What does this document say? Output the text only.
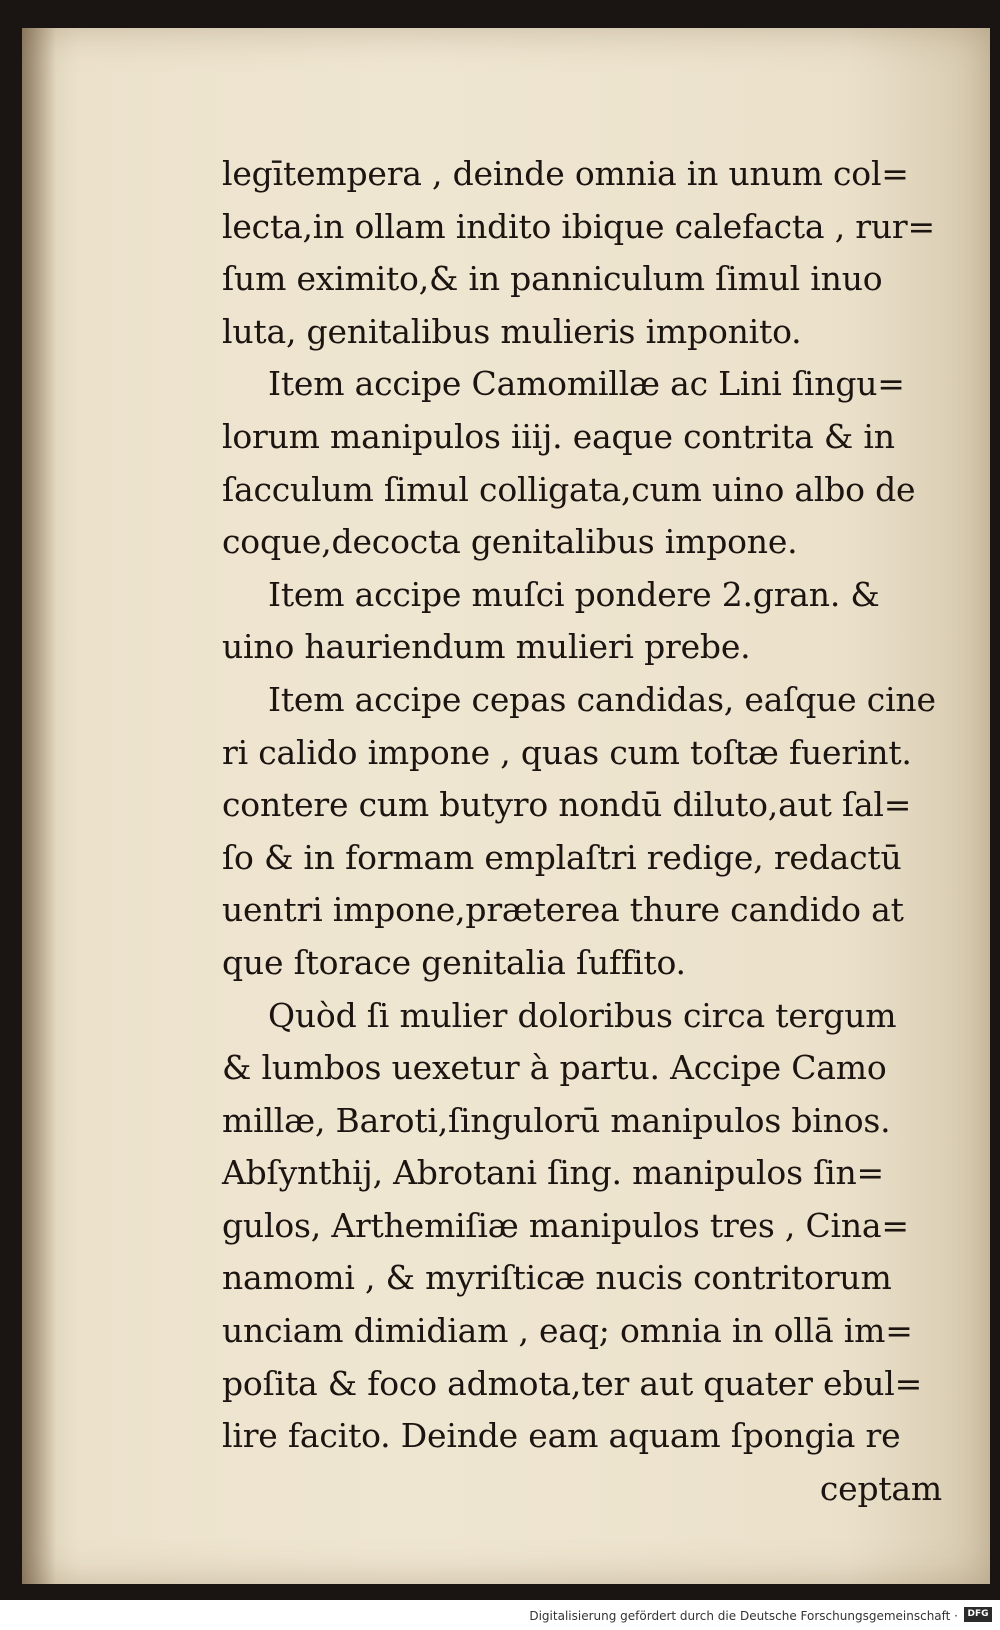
legītempera , deinde omnia in unum col=
lecta,in ollam indito ibique calefacta , rur=
ſum eximito,& in panniculum ſimul inuo
luta, genitalibus mulieris imponito.
Item accipe Camomillæ ac Lini ſingu=
lorum manipulos iiij. eaque contrita & in
ſacculum ſimul colligata,cum uino albo de
coque,decocta genitalibus impone.
Item accipe muſci pondere 2.gran. &
uino hauriendum mulieri prebe.
Item accipe cepas candidas, eaſque cine
ri calido impone , quas cum toſtæ fuerint.
contere cum butyro nondū diluto,aut ſal=
ſo & in formam emplaſtri redige, redactū
uentri impone,præterea thure candido at
que ſtorace genitalia ſuffito.
Quòd ſi mulier doloribus circa tergum
& lumbos uexetur à partu. Accipe Camo
millæ, Baroti,ſingulorū manipulos binos.
Abſynthij, Abrotani ſing. manipulos ſin=
gulos, Arthemiſiæ manipulos tres , Cina=
namomi , & myriſticæ nucis contritorum
unciam dimidiam , eaq; omnia in ollā im=
poſita & foco admota,ter aut quater ebul=
lire facito. Deinde eam aquam ſpongia re
ceptam
Digitalisierung gefördert durch die Deutsche Forschungsgemeinschaft ·	DFG
